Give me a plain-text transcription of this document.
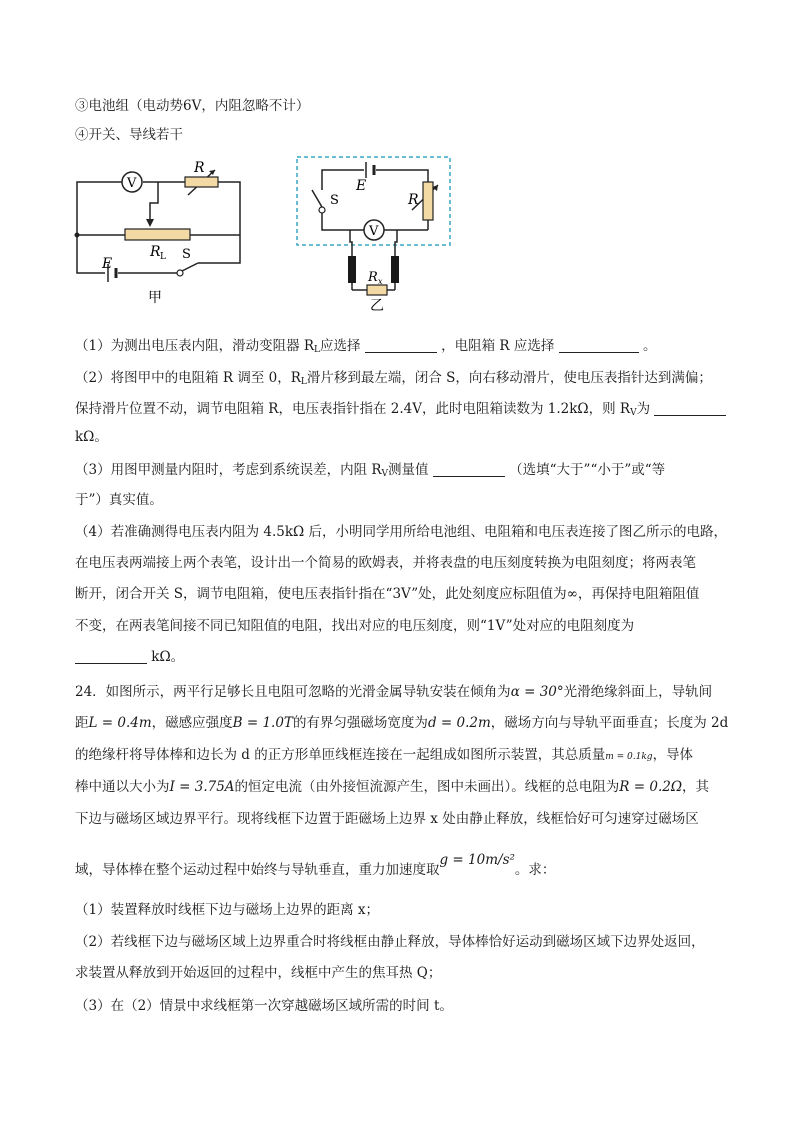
③电池组（电动势6V，内阻忽略不计）
④开关、导线若干
V
R
R L
E
S
甲
E
S	R
V
R x
乙
（1）为测出电压表内阻，滑动变阻器 $R_L$应选择	，电阻箱 R 应选择	。
（2）将图甲中的电阻箱 R 调至 0，$R_L$滑片移到最左端，闭合 S，向右移动滑片，使电压表指针达到满偏；
保持滑片位置不动，调节电阻箱 R，电压表指针指在 2.4V，此时电阻箱读数为 1.2kΩ，则 $R_V$为
kΩ。
（3）用图甲测量内阻时，考虑到系统误差，内阻 $R_V$测量值	（选填“大于”“小于”或“等
于”）真实值。
（4）若准确测得电压表内阻为 4.5kΩ 后，小明同学用所给电池组、电阻箱和电压表连接了图乙所示的电路，
在电压表两端接上两个表笔，设计出一个简易的欧姆表，并将表盘的电压刻度转换为电阻刻度；将两表笔
断开，闭合开关 S，调节电阻箱，使电压表指针指在“3V”处，此处刻度应标阻值为∞，再保持电阻箱阻值
不变，在两表笔间接不同已知阻值的电阻，找出对应的电压刻度，则“1V”处对应的电阻刻度为
kΩ。
24．如图所示，两平行足够长且电阻可忽略的光滑金属导轨安装在倾角为α = 30°光滑绝缘斜面上，导轨间
距L = 0.4m，磁感应强度B = 1.0T的有界匀强磁场宽度为d = 0.2m，磁场方向与导轨平面垂直；长度为 2d
的绝缘杆将导体棒和边长为 d 的正方形单匝线框连接在一起组成如图所示装置，其总质量m = 0.1kg，导体
棒中通以大小为I = 3.75A的恒定电流（由外接恒流源产生，图中未画出）。线框的总电阻为R = 0.2Ω，其
下边与磁场区域边界平行。现将线框下边置于距磁场上边界 x 处由静止释放，线框恰好可匀速穿过磁场区
域，导体棒在整个运动过程中始终与导轨垂直，重力加速度取g = 10m/s²。求：
（1）装置释放时线框下边与磁场上边界的距离 x；
（2）若线框下边与磁场区域上边界重合时将线框由静止释放，导体棒恰好运动到磁场区域下边界处返回，
求装置从释放到开始返回的过程中，线框中产生的焦耳热 Q；
（3）在（2）情景中求线框第一次穿越磁场区域所需的时间 t。
